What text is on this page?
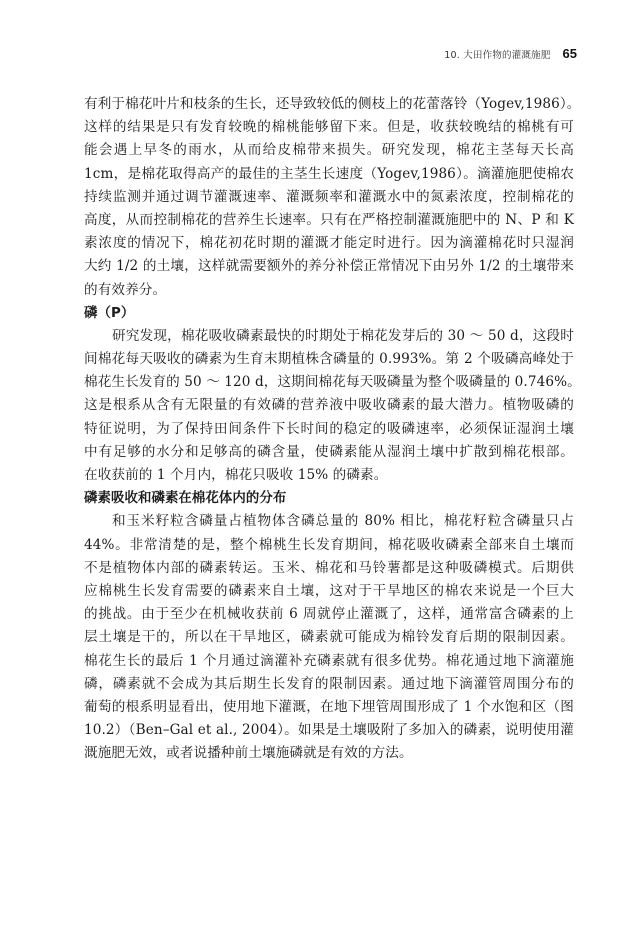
10. 大田作物的灌溉施肥 65
有利于棉花叶片和枝条的生长，还导致较低的侧枝上的花蕾落铃（Yogev,1986）。
这样的结果是只有发育较晚的棉桃能够留下来。但是，收获较晚结的棉桃有可
能会遇上早冬的雨水，从而给皮棉带来损失。研究发现，棉花主茎每天长高
1cm，是棉花取得高产的最佳的主茎生长速度（Yogev,1986）。滴灌施肥使棉农
持续监测并通过调节灌溉速率、灌溉频率和灌溉水中的氮素浓度，控制棉花的
高度，从而控制棉花的营养生长速率。只有在严格控制灌溉施肥中的 N、P 和 K
素浓度的情况下，棉花初花时期的灌溉才能定时进行。因为滴灌棉花时只湿润
大约 1/2 的土壤，这样就需要额外的养分补偿正常情况下由另外 1/2 的土壤带来
的有效养分。
磷（P）
研究发现，棉花吸收磷素最快的时期处于棉花发芽后的 30 ～ 50 d，这段时
间棉花每天吸收的磷素为生育末期植株含磷量的 0.993%。第 2 个吸磷高峰处于
棉花生长发育的 50 ～ 120 d，这期间棉花每天吸磷量为整个吸磷量的 0.746%。
这是根系从含有无限量的有效磷的营养液中吸收磷素的最大潜力。植物吸磷的
特征说明，为了保持田间条件下长时间的稳定的吸磷速率，必须保证湿润土壤
中有足够的水分和足够高的磷含量，使磷素能从湿润土壤中扩散到棉花根部。
在收获前的 1 个月内，棉花只吸收 15% 的磷素。
磷素吸收和磷素在棉花体内的分布
和玉米籽粒含磷量占植物体含磷总量的 80% 相比，棉花籽粒含磷量只占
44%。非常清楚的是，整个棉桃生长发育期间，棉花吸收磷素全部来自土壤而
不是植物体内部的磷素转运。玉米、棉花和马铃薯都是这种吸磷模式。后期供
应棉桃生长发育需要的磷素来自土壤，这对于干旱地区的棉农来说是一个巨大
的挑战。由于至少在机械收获前 6 周就停止灌溉了，这样，通常富含磷素的上
层土壤是干的，所以在干旱地区，磷素就可能成为棉铃发育后期的限制因素。
棉花生长的最后 1 个月通过滴灌补充磷素就有很多优势。棉花通过地下滴灌施
磷，磷素就不会成为其后期生长发育的限制因素。通过地下滴灌管周围分布的
葡萄的根系明显看出，使用地下灌溉，在地下埋管周围形成了 1 个水饱和区（图
10.2）（Ben–Gal et al., 2004）。如果是土壤吸附了多加入的磷素，说明使用灌
溉施肥无效，或者说播种前土壤施磷就是有效的方法。
